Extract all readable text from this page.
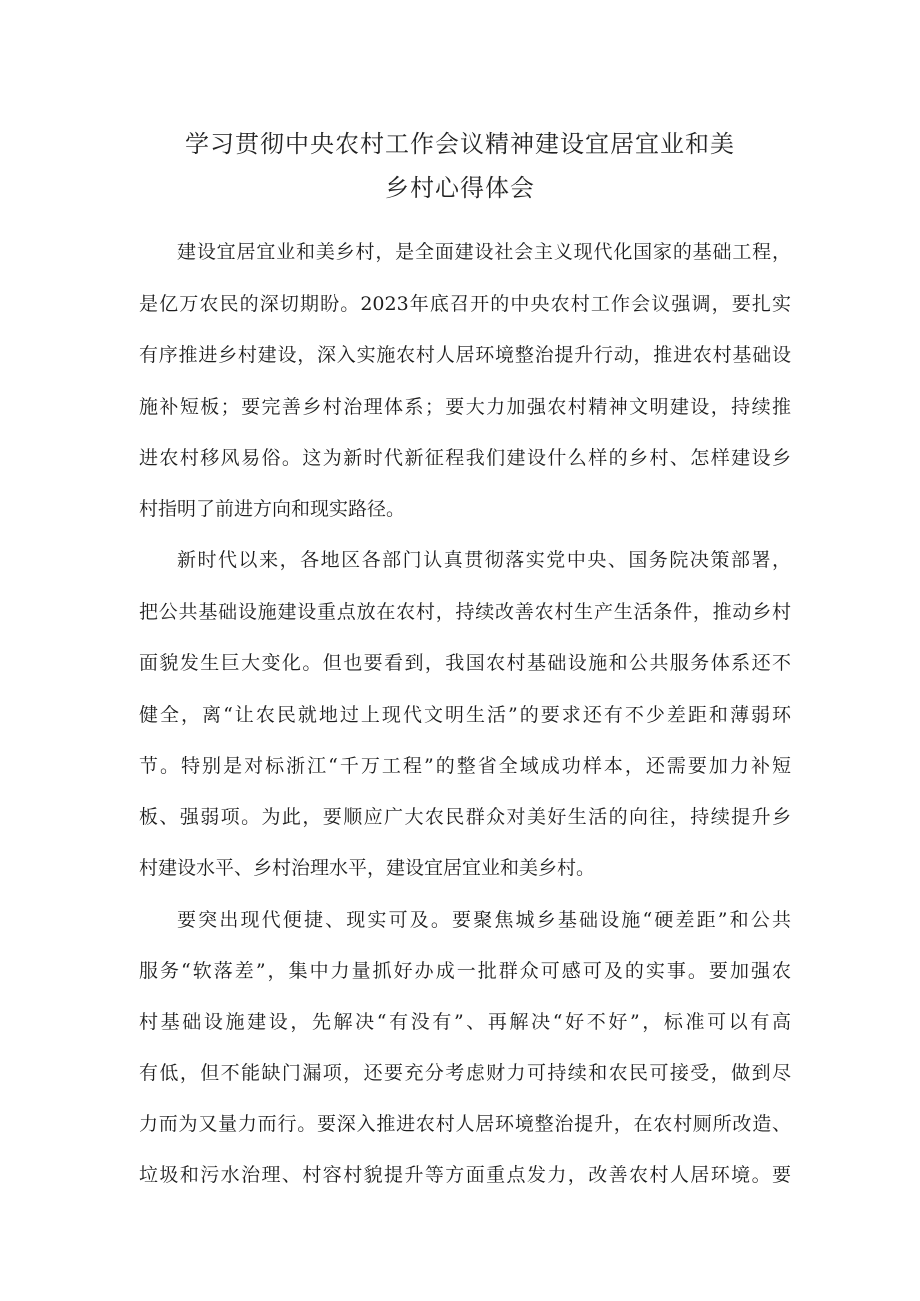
学习贯彻中央农村工作会议精神建设宜居宜业和美
乡村心得体会
建设宜居宜业和美乡村，是全面建设社会主义现代化国家的基础工程，
是亿万农民的深切期盼。2023年底召开的中央农村工作会议强调，要扎实
有序推进乡村建设，深入实施农村人居环境整治提升行动，推进农村基础设
施补短板；要完善乡村治理体系；要大力加强农村精神文明建设，持续推
进农村移风易俗。这为新时代新征程我们建设什么样的乡村、怎样建设乡
村指明了前进方向和现实路径。
新时代以来，各地区各部门认真贯彻落实党中央、国务院决策部署，
把公共基础设施建设重点放在农村，持续改善农村生产生活条件，推动乡村
面貌发生巨大变化。但也要看到，我国农村基础设施和公共服务体系还不
健全，离“让农民就地过上现代文明生活”的要求还有不少差距和薄弱环
节。特别是对标浙江“千万工程”的整省全域成功样本，还需要加力补短
板、强弱项。为此，要顺应广大农民群众对美好生活的向往，持续提升乡
村建设水平、乡村治理水平，建设宜居宜业和美乡村。
要突出现代便捷、现实可及。要聚焦城乡基础设施“硬差距”和公共
服务“软落差”，集中力量抓好办成一批群众可感可及的实事。要加强农
村基础设施建设，先解决“有没有”、再解决“好不好”，标准可以有高
有低，但不能缺门漏项，还要充分考虑财力可持续和农民可接受，做到尽
力而为又量力而行。要深入推进农村人居环境整治提升，在农村厕所改造、
垃圾和污水治理、村容村貌提升等方面重点发力，改善农村人居环境。要
